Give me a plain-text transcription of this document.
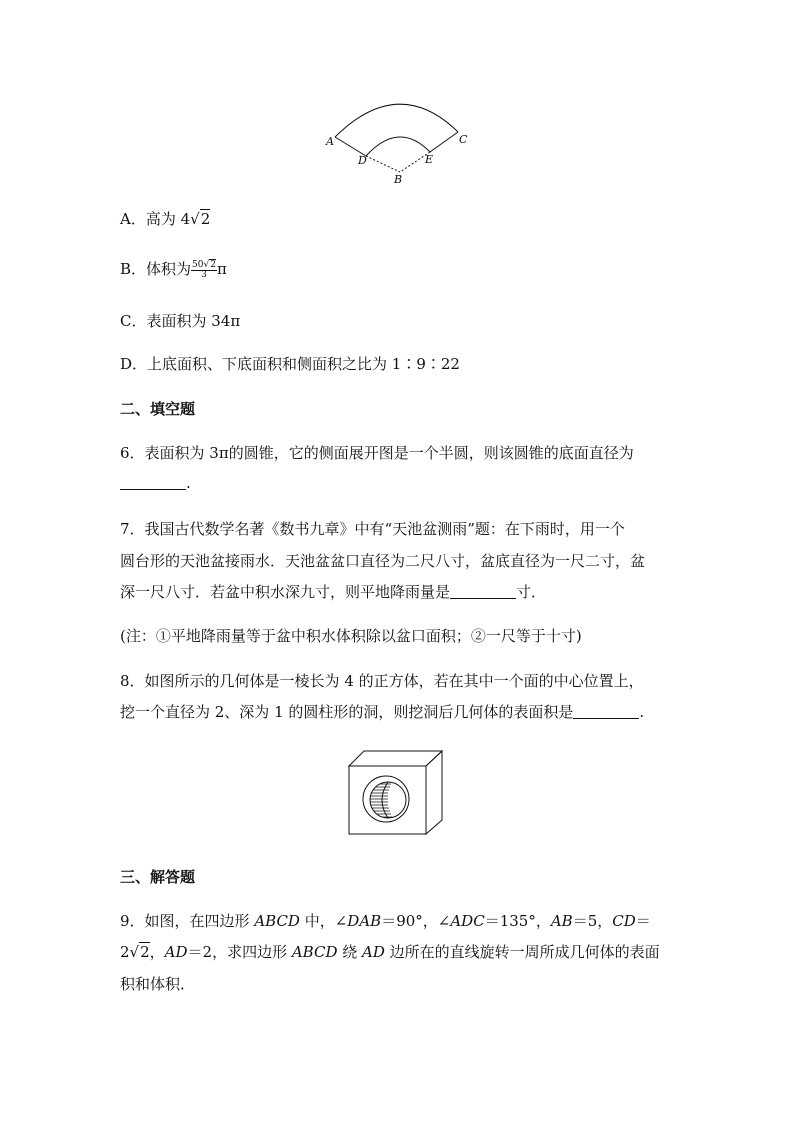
A	C
D	E
B
A．高为 4√2
B．体积为 $\frac{50√2}{3}$ π
C．表面积为 34π
D．上底面积、下底面积和侧面积之比为 1∶9∶22
二、填空题
6．表面积为 3π的圆锥，它的侧面展开图是一个半圆，则该圆锥的底面直径为
.
7．我国古代数学名著《数书九章》中有“天池盆测雨”题：在下雨时，用一个
圆台形的天池盆接雨水．天池盆盆口直径为二尺八寸，盆底直径为一尺二寸，盆
深一尺八寸．若盆中积水深九寸，则平地降雨量是	寸．
(注：①平地降雨量等于盆中积水体积除以盆口面积；②一尺等于十寸)
8．如图所示的几何体是一棱长为 4 的正方体，若在其中一个面的中心位置上，
挖一个直径为 2、深为 1 的圆柱形的洞，则挖洞后几何体的表面积是	.
三、解答题
9．如图，在四边形 ABCD 中，∠DAB＝90°，∠ADC＝135°，AB＝5，CD＝
2√2，AD＝2，求四边形 ABCD 绕 AD 边所在的直线旋转一周所成几何体的表面
积和体积．
